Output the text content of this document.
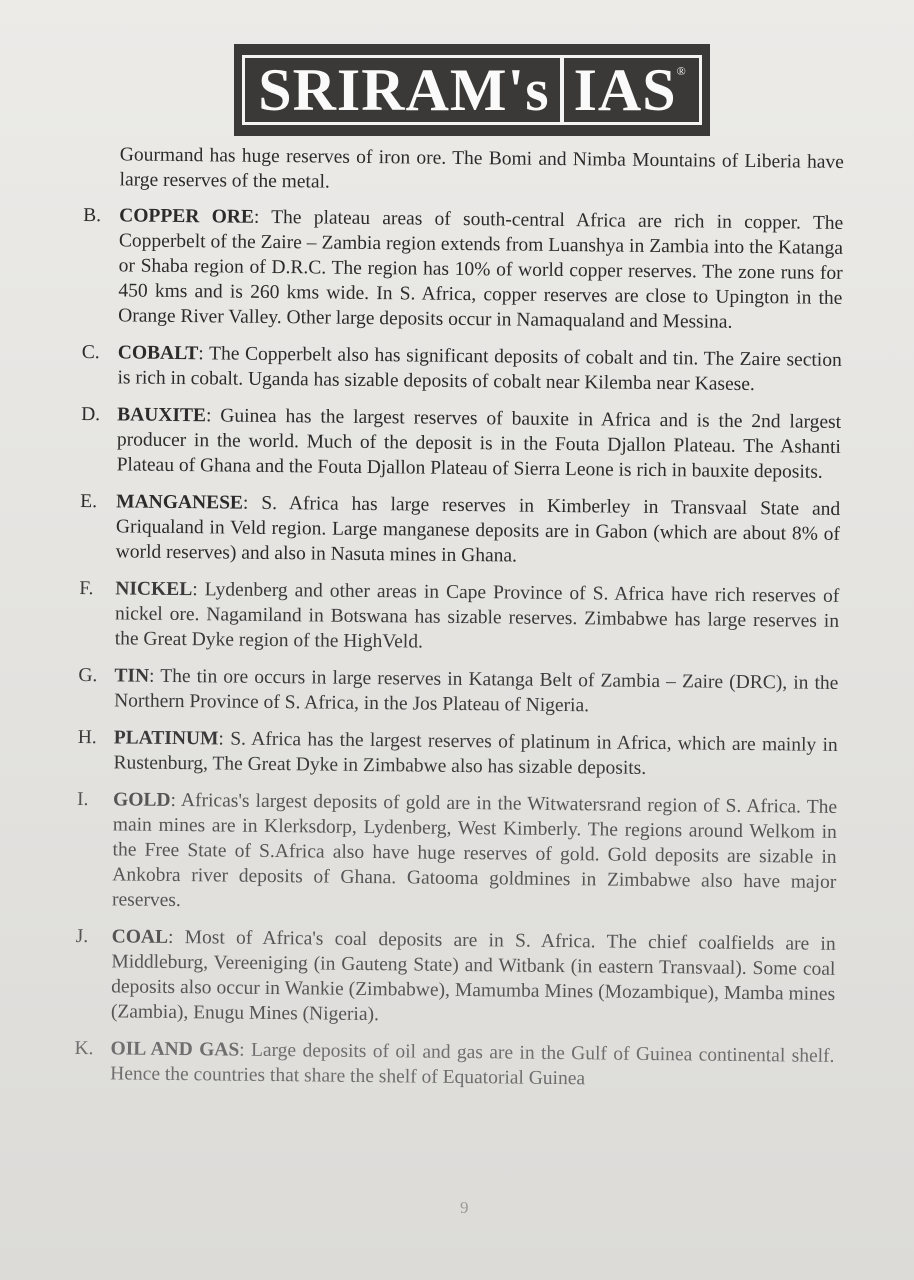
SRIRAM's IAS ®
Gourmand has huge reserves of iron ore. The Bomi and Nimba Mountains of Liberia have large reserves of the metal.
B. COPPER ORE: The plateau areas of south-central Africa are rich in copper. The Copperbelt of the Zaire – Zambia region extends from Luanshya in Zambia into the Katanga or Shaba region of D.R.C. The region has 10% of world copper reserves. The zone runs for 450 kms and is 260 kms wide. In S. Africa, copper reserves are close to Upington in the Orange River Valley. Other large deposits occur in Namaqualand and Messina.
C. COBALT: The Copperbelt also has significant deposits of cobalt and tin. The Zaire section is rich in cobalt. Uganda has sizable deposits of cobalt near Kilemba near Kasese.
D. BAUXITE: Guinea has the largest reserves of bauxite in Africa and is the 2nd largest producer in the world. Much of the deposit is in the Fouta Djallon Plateau. The Ashanti Plateau of Ghana and the Fouta Djallon Plateau of Sierra Leone is rich in bauxite deposits.
E. MANGANESE: S. Africa has large reserves in Kimberley in Transvaal State and Griqualand in Veld region. Large manganese deposits are in Gabon (which are about 8% of world reserves) and also in Nasuta mines in Ghana.
F.	NICKEL: Lydenberg and other areas in Cape Province of S. Africa have rich reserves of nickel ore. Nagamiland in Botswana has sizable reserves. Zimbabwe has large reserves in the Great Dyke region of the HighVeld.
G. TIN: The tin ore occurs in large reserves in Katanga Belt of Zambia – Zaire (DRC), in the Northern Province of S. Africa, in the Jos Plateau of Nigeria.
H. PLATINUM: S. Africa has the largest reserves of platinum in Africa, which are mainly in Rustenburg, The Great Dyke in Zimbabwe also has sizable deposits.
I.	GOLD: Africas's largest deposits of gold are in the Witwatersrand region of S. Africa. The main mines are in Klerksdorp, Lydenberg, West Kimberly. The regions around Welkom in the Free State of S.Africa also have huge reserves of gold. Gold deposits are sizable in Ankobra river deposits of Ghana. Gatooma goldmines in Zimbabwe also have major reserves.
J.	COAL: Most of Africa's coal deposits are in S. Africa. The chief coalfields are in Middleburg, Vereeniging (in Gauteng State) and Witbank (in eastern Transvaal). Some coal deposits also occur in Wankie (Zimbabwe), Mamumba Mines (Mozambique), Mamba mines (Zambia), Enugu Mines (Nigeria).
K. OIL AND GAS: Large deposits of oil and gas are in the Gulf of Guinea continental shelf. Hence the countries that share the shelf of Equatorial Guinea
9
